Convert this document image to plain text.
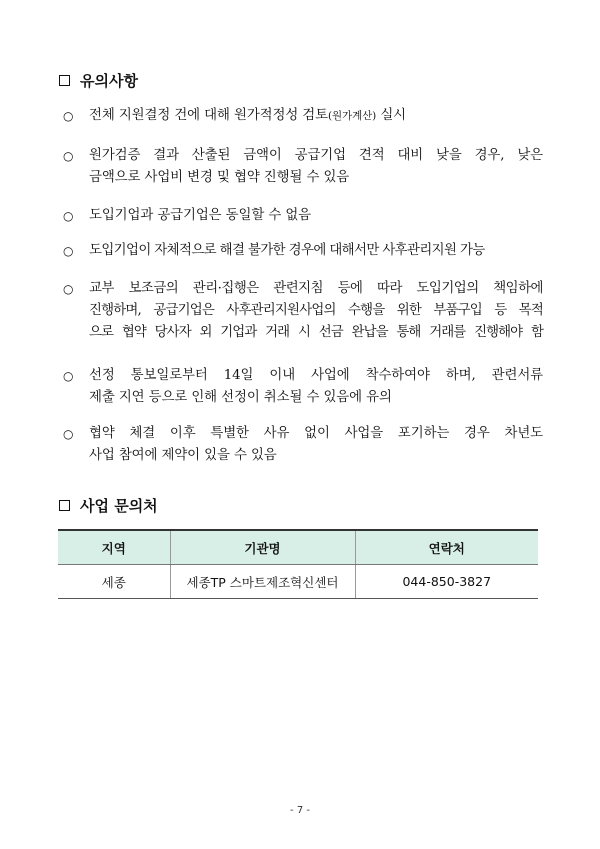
유의사항
○	전체 지원결정 건에 대해 원가적정성 검토(원가계산) 실시
○	원가검증 결과 산출된 금액이 공급기업 견적 대비 낮을 경우, 낮은
금액으로 사업비 변경 및 협약 진행될 수 있음
○	도입기업과 공급기업은 동일할 수 없음
○	도입기업이 자체적으로 해결 불가한 경우에 대해서만 사후관리지원 가능
○	교부 보조금의 관리·집행은 관련지침 등에 따라 도입기업의 책임하에
진행하며, 공급기업은 사후관리지원사업의 수행을 위한 부품구입 등 목적
으로 협약 당사자 외 기업과 거래 시 선금 완납을 통해 거래를 진행해야 함
○	선정 통보일로부터 14일 이내 사업에 착수하여야 하며, 관련서류
제출 지연 등으로 인해 선정이 취소될 수 있음에 유의
○	협약 체결 이후 특별한 사유 없이 사업을 포기하는 경우 차년도
사업 참여에 제약이 있을 수 있음
사업 문의처
지역	기관명	연락처
세종	세종TP 스마트제조혁신센터	044-850-3827
- 7 -
